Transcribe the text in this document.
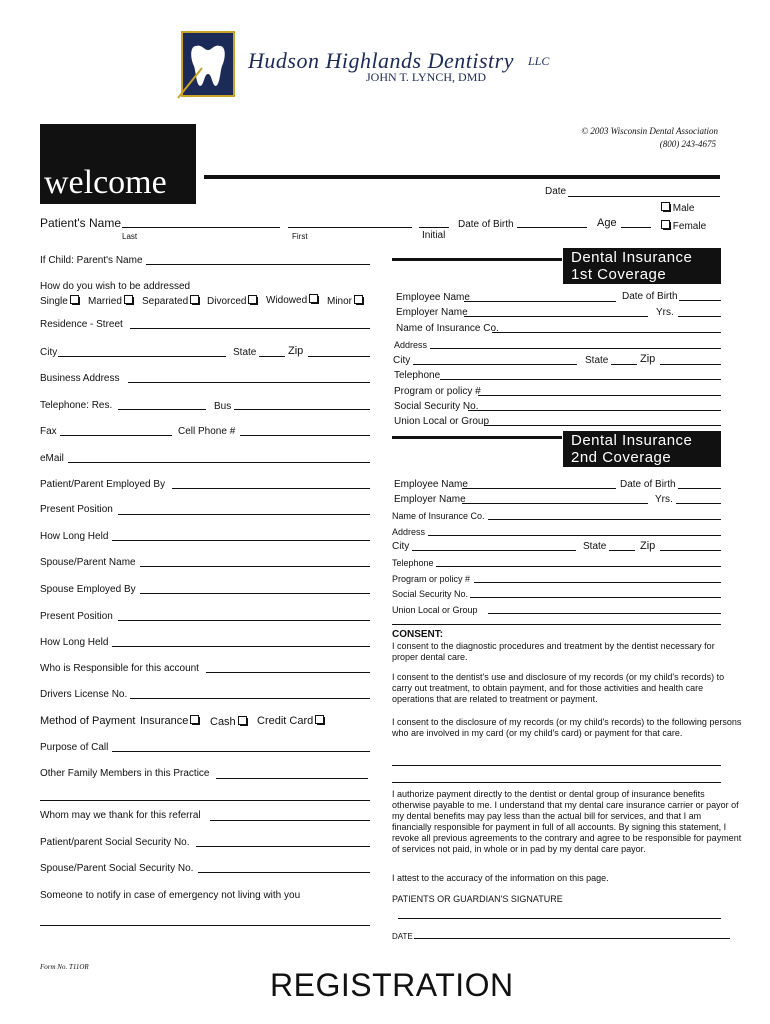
Hudson Highlands Dentistry LLC
JOHN T. LYNCH, DMD
© 2003 Wisconsin Dental Association
(800) 243-4675
welcome	Date
Male
Female
Patient's Name
Last	First	Initial
Date of Birth	Age
If Child: Parent's Name
How do you wish to be addressed
Single	Married	Separated	Divorced	Widowed	Minor
Residence - Street
City	State	Zip
Business Address
Telephone: Res.	Bus
Fax	Cell Phone #
eMail
Patient/Parent Employed By
Present Position
How Long Held
Spouse/Parent Name
Spouse Employed By
Present Position
How Long Held
Who is Responsible for this account
Drivers License No.
Method of Payment Insurance	Cash	Credit Card
Purpose of Call
Other Family Members in this Practice
Whom may we thank for this referral
Patient/parent Social Security No.
Spouse/Parent Social Security No.
Someone to notify in case of emergency not living with you
Dental Insurance
1st Coverage
Employee Name	Date of Birth
Employer Name	Yrs.
Name of Insurance Co.
Address
City	State	Zip
Telephone
Program or policy #
Social Security No.
Union Local or Group
Dental Insurance
2nd Coverage
Employee Name	Date of Birth
Employer Name	Yrs.
Name of Insurance Co.
Address
City	State	Zip
Telephone
Program or policy #
Social Security No.
Union Local or Group
CONSENT:
I consent to the diagnostic procedures and treatment by the dentist necessary for proper dental care.
I consent to the dentist's use and disclosure of my records (or my child's records) to carry out treatment, to obtain payment, and for those activities and health care operations that are related to treatment or payment.
I consent to the disclosure of my records (or my child's records) to the following persons who are involved in my card (or my child's card) or payment for that care.
I authorize payment directly to the dentist or dental group of insurance benefits otherwise payable to me. I understand that my dental care insurance carrier or payor of my dental benefits may pay less than the actual bill for services, and that I am financially responsible for payment in full of all accounts. By signing this statement, I revoke all previous agreements to the contrary and agree to be responsible for payment of services not paid, in whole or in pad by my dental care payor.
I attest to the accuracy of the information on this page.
PATIENTS OR GUARDIAN'S SIGNATURE
DATE
Form No. T11OR	REGISTRATION
